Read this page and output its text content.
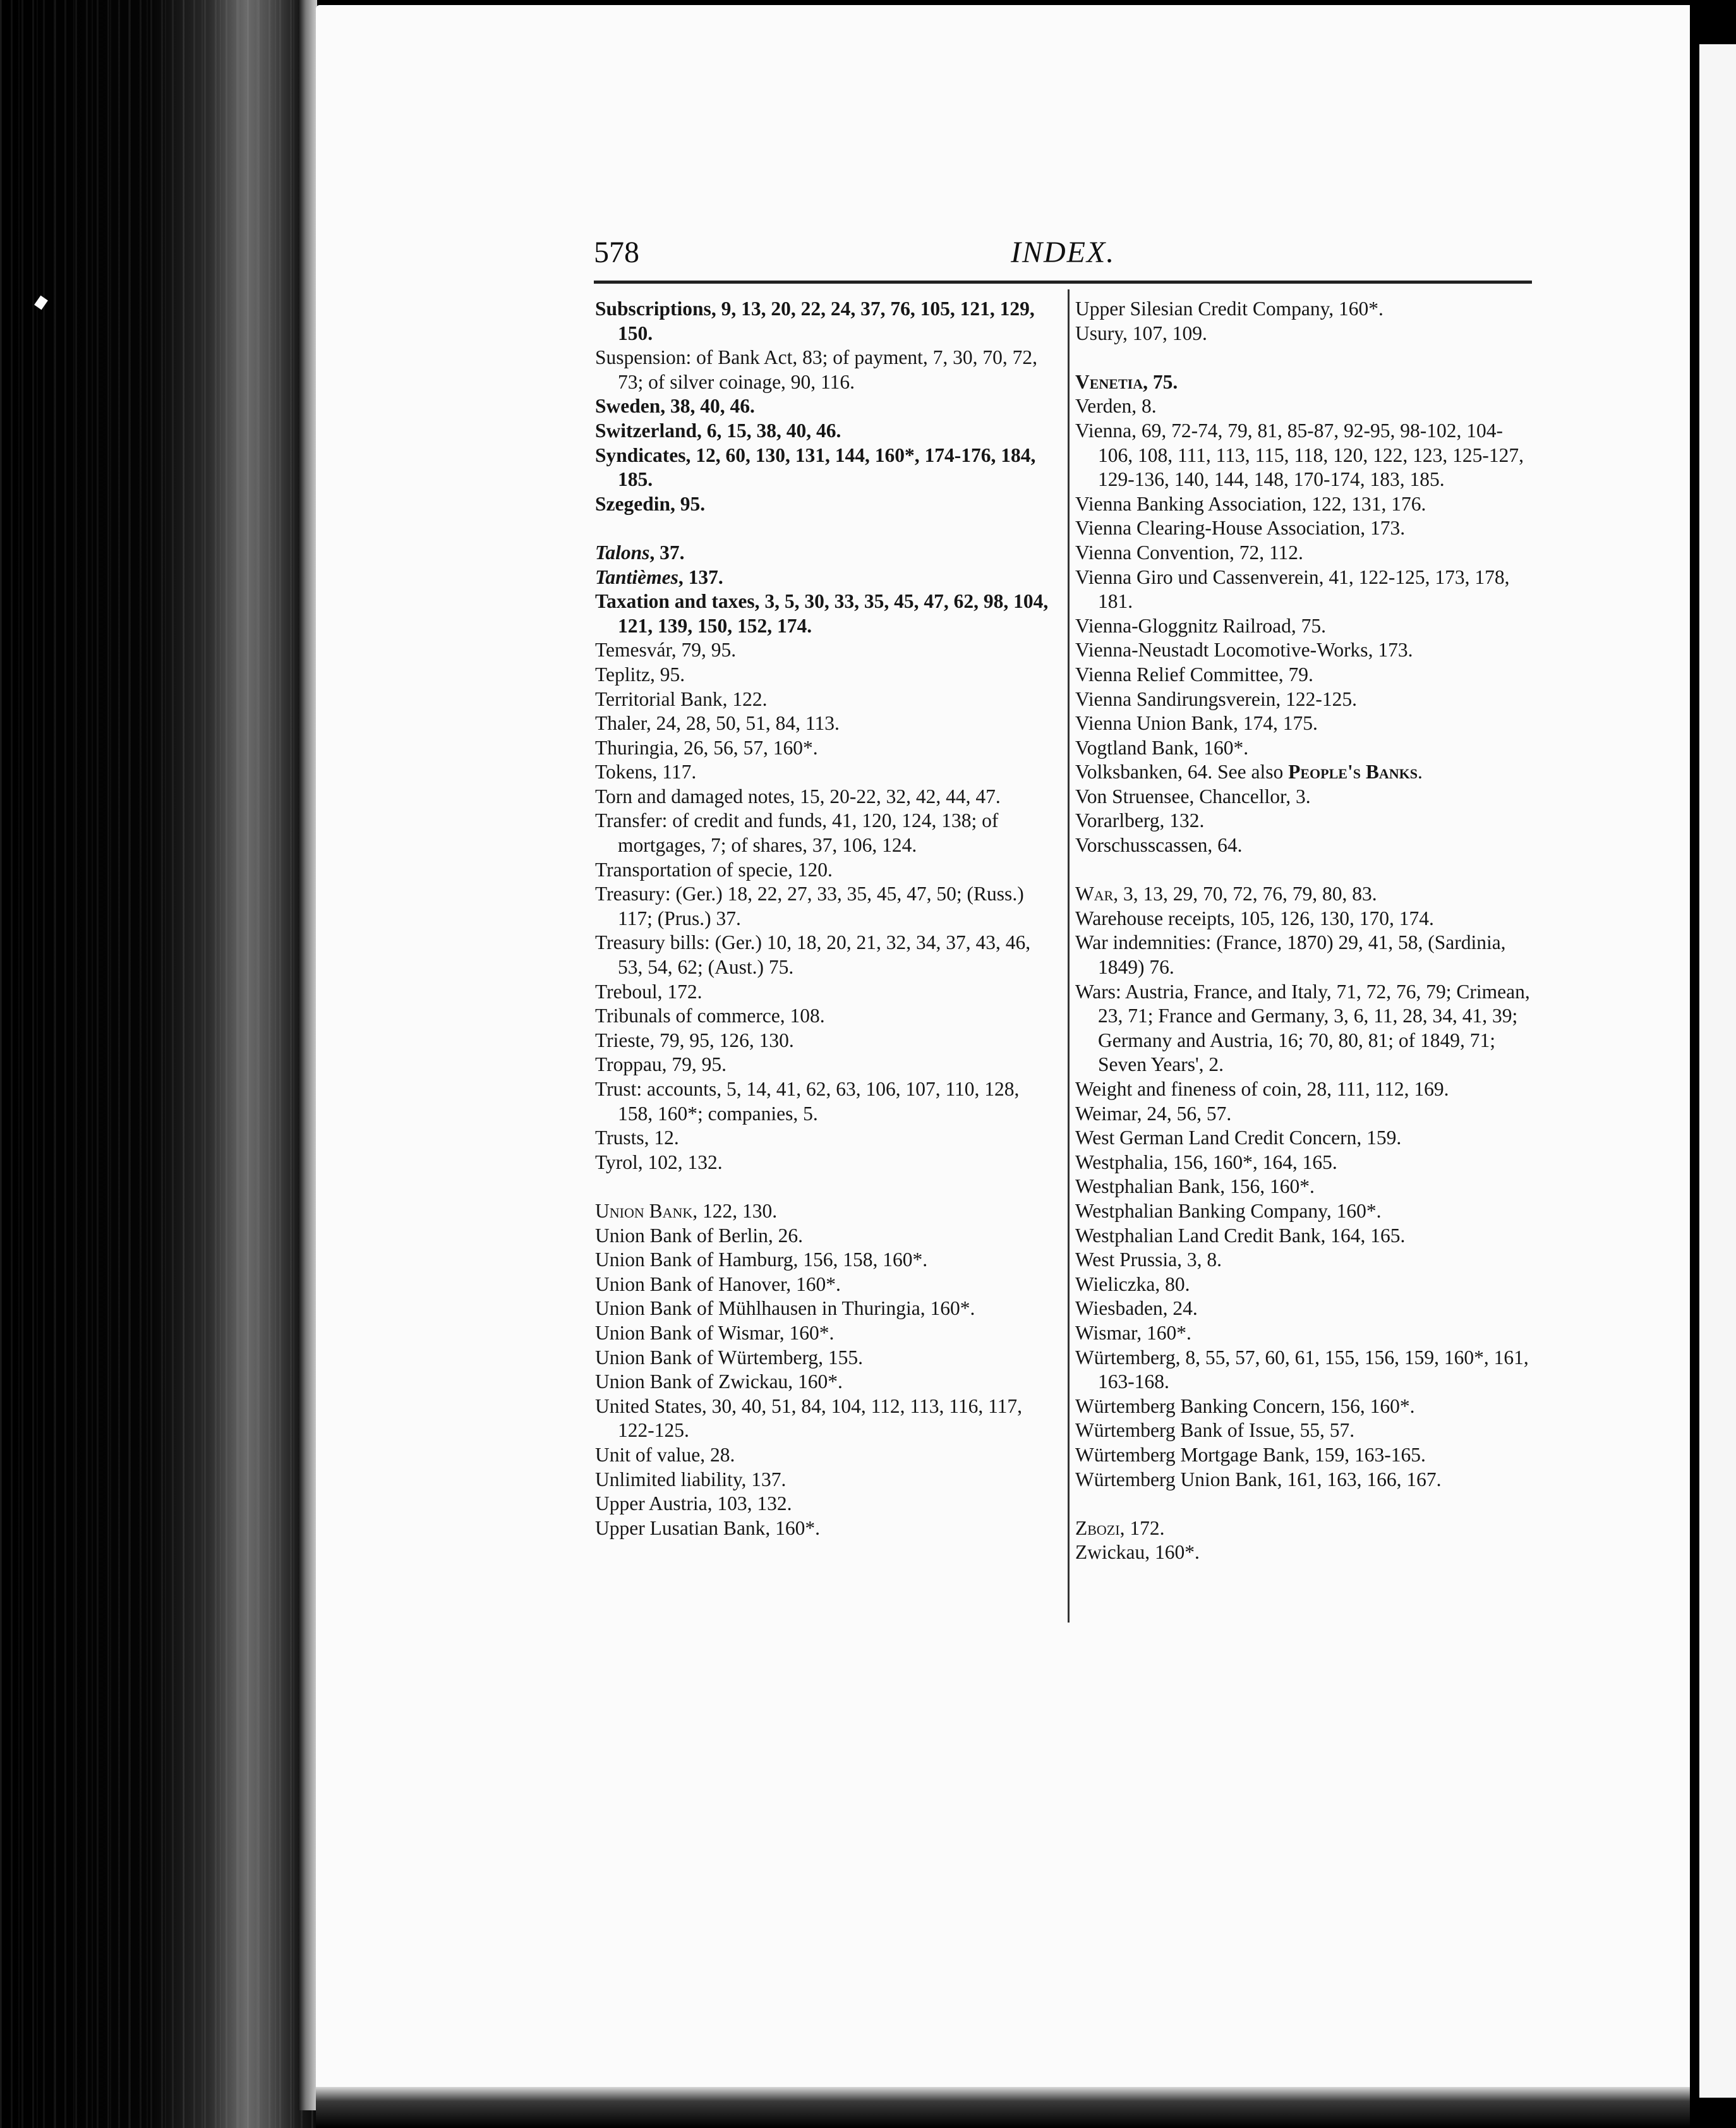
578	INDEX.

Subscriptions, 9, 13, 20, 22, 24, 37, 76, 105, 121, 129, 150.

Suspension: of Bank Act, 83; of payment, 7, 30, 70, 72, 73; of silver coinage, 90, 116.

Sweden, 38, 40, 46.

Switzerland, 6, 15, 38, 40, 46.

Syndicates, 12, 60, 130, 131, 144, 160*, 174-176, 184, 185.

Szegedin, 95.

Talons, 37.

Tantièmes, 137.

Taxation and taxes, 3, 5, 30, 33, 35, 45, 47, 62, 98, 104, 121, 139, 150, 152, 174.

Temesvár, 79, 95.

Teplitz, 95.

Territorial Bank, 122.

Thaler, 24, 28, 50, 51, 84, 113.

Thuringia, 26, 56, 57, 160*.

Tokens, 117.

Torn and damaged notes, 15, 20-22, 32, 42, 44, 47.

Transfer: of credit and funds, 41, 120, 124, 138; of mortgages, 7; of shares, 37, 106, 124.

Transportation of specie, 120.

Treasury: (Ger.) 18, 22, 27, 33, 35, 45, 47, 50; (Russ.) 117; (Prus.) 37.

Treasury bills: (Ger.) 10, 18, 20, 21, 32, 34, 37, 43, 46, 53, 54, 62; (Aust.) 75.

Treboul, 172.

Tribunals of commerce, 108.

Trieste, 79, 95, 126, 130.

Troppau, 79, 95.

Trust: accounts, 5, 14, 41, 62, 63, 106, 107, 110, 128, 158, 160*; companies, 5.

Trusts, 12.

Tyrol, 102, 132.

Union Bank, 122, 130.

Union Bank of Berlin, 26.

Union Bank of Hamburg, 156, 158, 160*.

Union Bank of Hanover, 160*.

Union Bank of Mühlhausen in Thuringia, 160*.

Union Bank of Wismar, 160*.

Union Bank of Würtemberg, 155.

Union Bank of Zwickau, 160*.

United States, 30, 40, 51, 84, 104, 112, 113, 116, 117, 122-125.

Unit of value, 28.

Unlimited liability, 137.

Upper Austria, 103, 132.

Upper Lusatian Bank, 160*.

Upper Silesian Credit Company, 160*.

Usury, 107, 109.

Venetia, 75.

Verden, 8.

Vienna, 69, 72-74, 79, 81, 85-87, 92-95, 98-102, 104-106, 108, 111, 113, 115, 118, 120, 122, 123, 125-127, 129-136, 140, 144, 148, 170-174, 183, 185.

Vienna Banking Association, 122, 131, 176.

Vienna Clearing-House Association, 173.

Vienna Convention, 72, 112.

Vienna Giro und Cassenverein, 41, 122-125, 173, 178, 181.

Vienna-Gloggnitz Railroad, 75.

Vienna-Neustadt Locomotive-Works, 173.

Vienna Relief Committee, 79.

Vienna Sandirungsverein, 122-125.

Vienna Union Bank, 174, 175.

Vogtland Bank, 160*.

Volksbanken, 64. See also People's Banks.

Von Struensee, Chancellor, 3.

Vorarlberg, 132.

Vorschusscassen, 64.

War, 3, 13, 29, 70, 72, 76, 79, 80, 83.

Warehouse receipts, 105, 126, 130, 170, 174.

War indemnities: (France, 1870) 29, 41, 58, (Sardinia, 1849) 76.

Wars: Austria, France, and Italy, 71, 72, 76, 79; Crimean, 23, 71; France and Germany, 3, 6, 11, 28, 34, 41, 39; Germany and Austria, 16; 70, 80, 81; of 1849, 71; Seven Years', 2.

Weight and fineness of coin, 28, 111, 112, 169.

Weimar, 24, 56, 57.

West German Land Credit Concern, 159.

Westphalia, 156, 160*, 164, 165.

Westphalian Bank, 156, 160*.

Westphalian Banking Company, 160*.

Westphalian Land Credit Bank, 164, 165.

West Prussia, 3, 8.

Wieliczka, 80.

Wiesbaden, 24.

Wismar, 160*.

Würtemberg, 8, 55, 57, 60, 61, 155, 156, 159, 160*, 161, 163-168.

Würtemberg Banking Concern, 156, 160*.

Würtemberg Bank of Issue, 55, 57.

Würtemberg Mortgage Bank, 159, 163-165.

Würtemberg Union Bank, 161, 163, 166, 167.

Zbozi, 172.

Zwickau, 160*.
